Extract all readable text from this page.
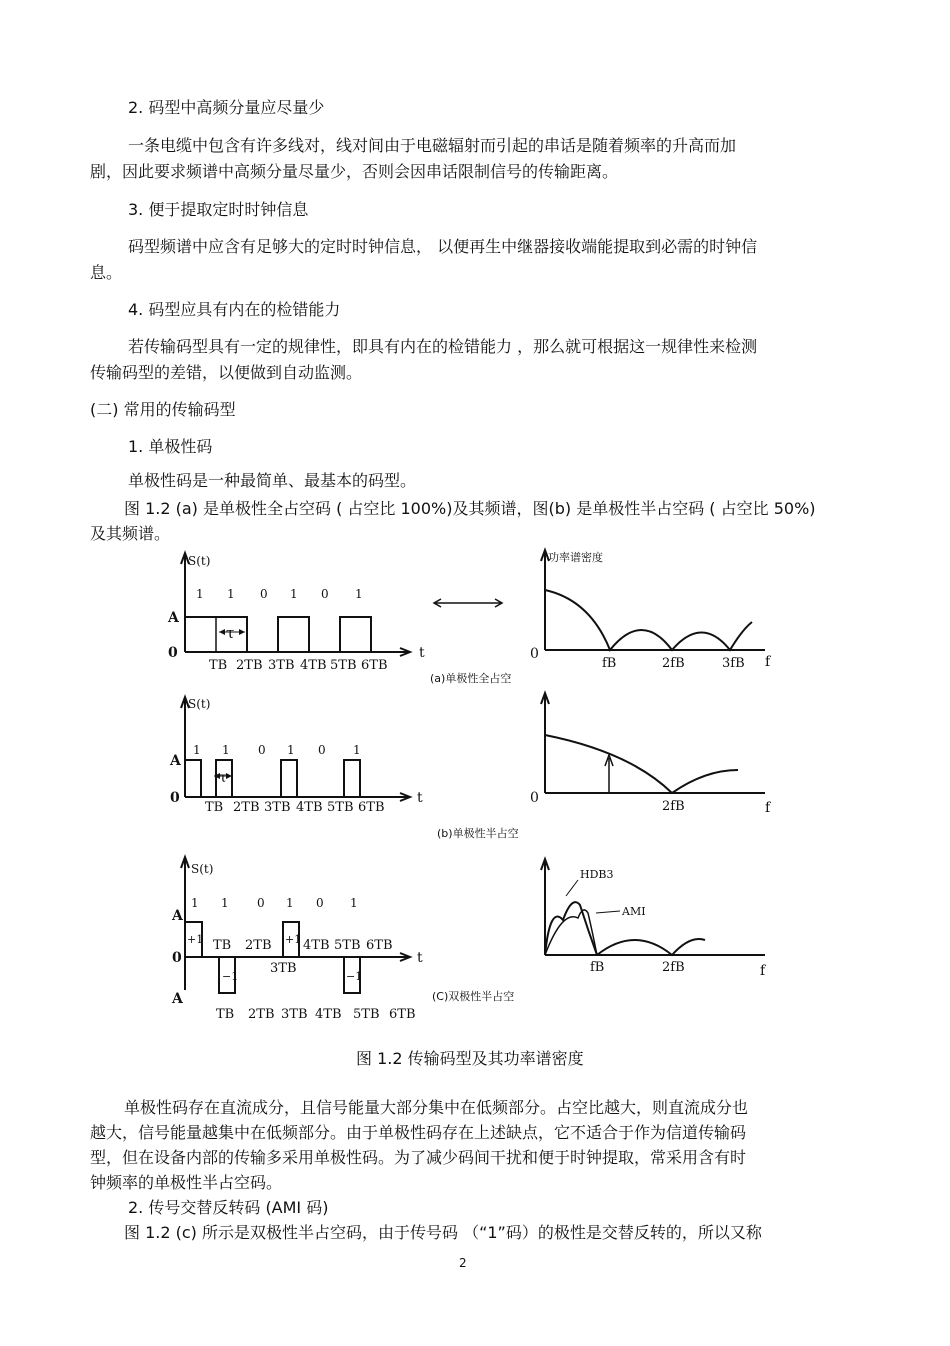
2. 码型中高频分量应尽量少
一条电缆中包含有许多线对，线对间由于电磁辐射而引起的串话是随着频率的升高而加
剧，因此要求频谱中高频分量尽量少，否则会因串话限制信号的传输距离。
3. 便于提取定时时钟信息
码型频谱中应含有足够大的定时时钟信息， 以便再生中继器接收端能提取到必需的时钟信
息。
4. 码型应具有内在的检错能力
若传输码型具有一定的规律性，即具有内在的检错能力 ，那么就可根据这一规律性来检测
传输码型的差错，以便做到自动监测。
(二) 常用的传输码型
1. 单极性码
单极性码是一种最简单、最基本的码型。
图 1.2 (a) 是单极性全占空码 ( 占空比 100%)及其频谱，图(b) 是单极性半占空码 ( 占空比 50%)
及其频谱。
S(t)
1 1 0 1 0 1
A
0
τ
t
TB 2TB 3TB 4TB 5TB 6TB
(a)单极性全占空
功率谱密度
0
fB	2fB	3fB f
S(t)
1 1 0 1 0 1
A
0
τ
t
TB 2TB 3TB 4TB 5TB 6TB
(b)单极性半占空
0
2fB	f
S(t)
1 1 0 1 0 1
A
0
A
+1	+1
−1	−1
t
TB 2TB
3TB
4TB 5TB 6TB
TB 2TB 3TB 4TB 5TB 6TB
(C)双极性半占空
HDB3
AMI
fB	2fB	f
图 1.2 传输码型及其功率谱密度
单极性码存在直流成分，且信号能量大部分集中在低频部分。占空比越大，则直流成分也
越大，信号能量越集中在低频部分。由于单极性码存在上述缺点，它不适合于作为信道传输码
型，但在设备内部的传输多采用单极性码。为了减少码间干扰和便于时钟提取，常采用含有时
钟频率的单极性半占空码。
2. 传号交替反转码 (AMI 码)
图 1.2 (c) 所示是双极性半占空码，由于传号码 （“1”码）的极性是交替反转的，所以又称
2
